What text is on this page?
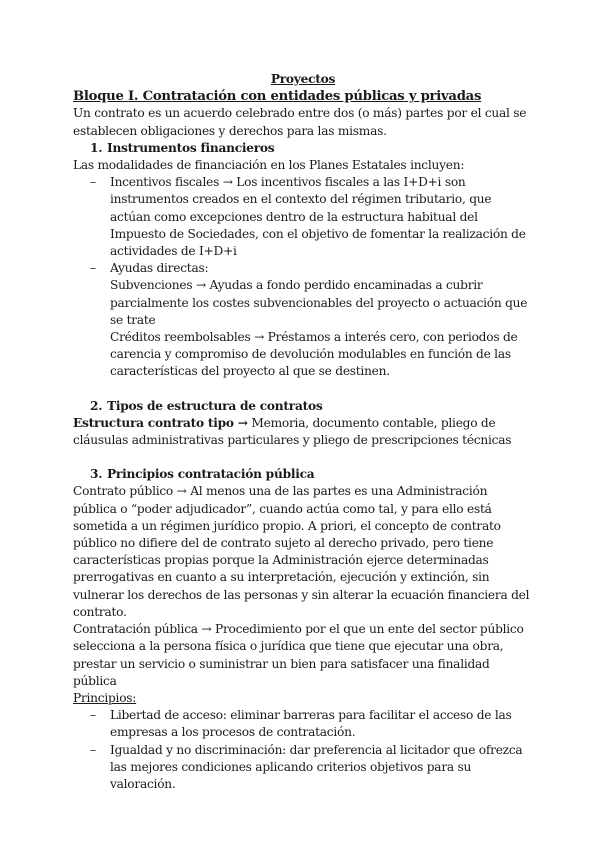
Proyectos

Bloque I. Contratación con entidades públicas y privadas

Un contrato es un acuerdo celebrado entre dos (o más) partes por el cual se establecen obligaciones y derechos para las mismas.

1. Instrumentos financieros

Las modalidades de financiación en los Planes Estatales incluyen:

– Incentivos fiscales → Los incentivos fiscales a las I+D+i son instrumentos creados en el contexto del régimen tributario, que actúan como excepciones dentro de la estructura habitual del Impuesto de Sociedades, con el objetivo de fomentar la realización de actividades de I+D+i
– Ayudas directas:
Subvenciones → Ayudas a fondo perdido encaminadas a cubrir parcialmente los costes subvencionables del proyecto o actuación que se trate
Créditos reembolsables → Préstamos a interés cero, con periodos de carencia y compromiso de devolución modulables en función de las características del proyecto al que se destinen.

2. Tipos de estructura de contratos

Estructura contrato tipo → Memoria, documento contable, pliego de cláusulas administrativas particulares y pliego de prescripciones técnicas

3. Principios contratación pública

Contrato público → Al menos una de las partes es una Administración pública o “poder adjudicador”, cuando actúa como tal, y para ello está sometida a un régimen jurídico propio. A priori, el concepto de contrato público no difiere del de contrato sujeto al derecho privado, pero tiene características propias porque la Administración ejerce determinadas prerrogativas en cuanto a su interpretación, ejecución y extinción, sin vulnerar los derechos de las personas y sin alterar la ecuación financiera del contrato.

Contratación pública → Procedimiento por el que un ente del sector público selecciona a la persona física o jurídica que tiene que ejecutar una obra, prestar un servicio o suministrar un bien para satisfacer una finalidad pública

Principios:

– Libertad de acceso: eliminar barreras para facilitar el acceso de las empresas a los procesos de contratación.
– Igualdad y no discriminación: dar preferencia al licitador que ofrezca las mejores condiciones aplicando criterios objetivos para su valoración.
